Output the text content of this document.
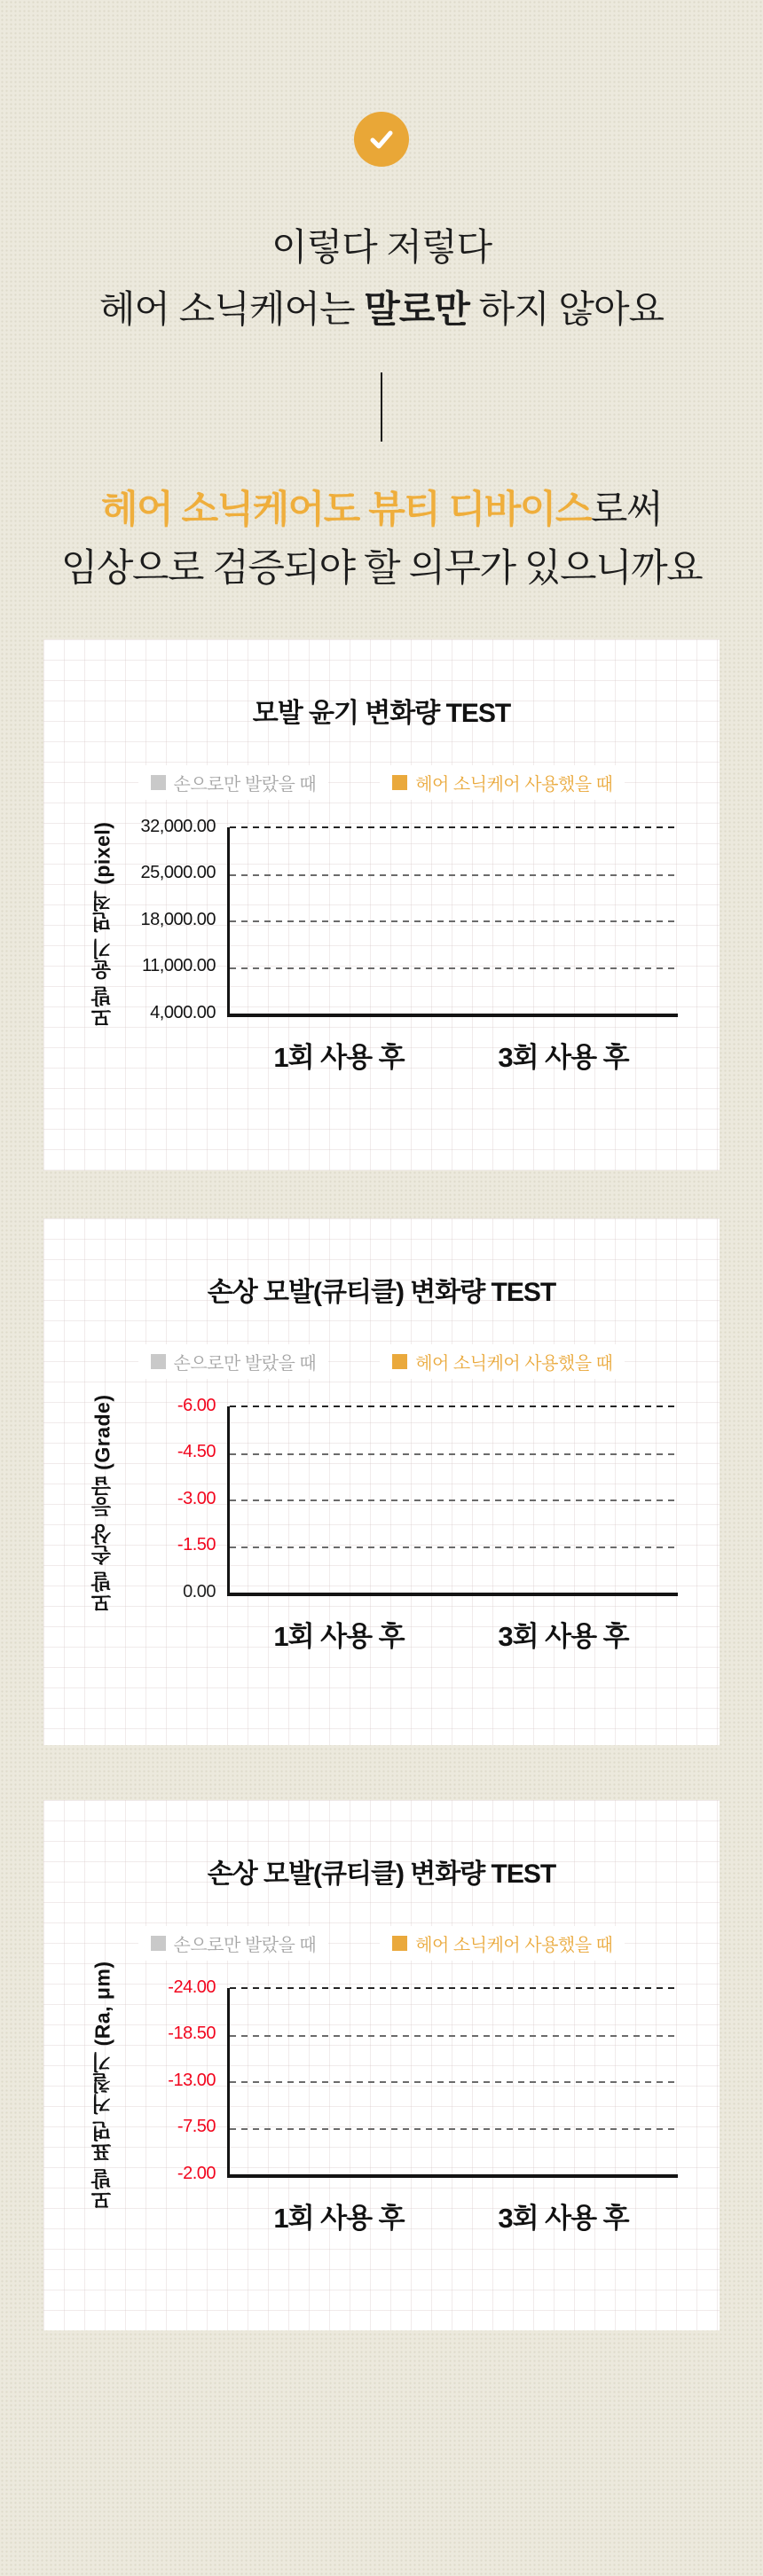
이렇다 저렇다
헤어 소닉케어는 말로만 하지 않아요
헤어 소닉케어도 뷰티 디바이스로써
임상으로 검증되야 할 의무가 있으니까요
모발 윤기 변화량 TEST
손으로만 발랐을 때	헤어 소닉케어 사용했을 때
모발 윤기 면적 (pixel) 32,000.00
25,000.00
18,000.00
11,000.00
4,000.00
1회 사용 후	3회 사용 후
손상 모발(큐티클) 변화량 TEST
손으로만 발랐을 때	헤어 소닉케어 사용했을 때
모발 손상 등급 (Grade)	-6.00
-4.50
-3.00
-1.50
0.00
1회 사용 후	3회 사용 후
손상 모발(큐티클) 변화량 TEST
손으로만 발랐을 때	헤어 소닉케어 사용했을 때
모발 표면 거칠기 (Ra, μm)	-24.00
-18.50
-13.00
-7.50
-2.00
1회 사용 후	3회 사용 후
